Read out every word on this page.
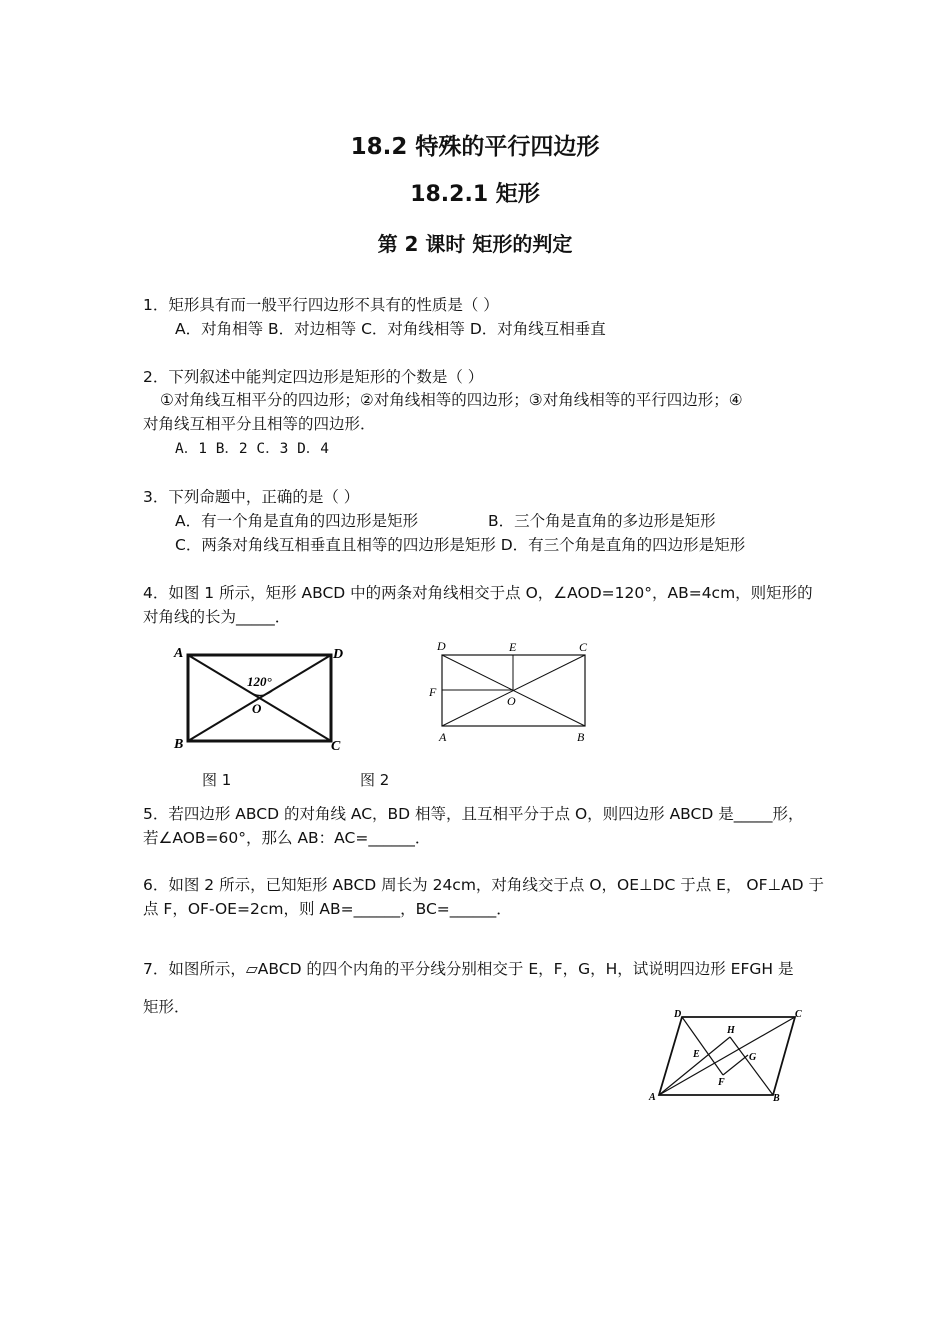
18.2 特殊的平行四边形
18.2.1 矩形
第 2 课时 矩形的判定
1．矩形具有而一般平行四边形不具有的性质是（ ）
A．对角相等 B．对边相等 C．对角线相等 D．对角线互相垂直
2．下列叙述中能判定四边形是矩形的个数是（ ）
①对角线互相平分的四边形；②对角线相等的四边形；③对角线相等的平行四边形；④
对角线互相平分且相等的四边形．
A．1 B．2 C．3 D．4
3．下列命题中，正确的是（ ）
A．有一个角是直角的四边形是矩形	B．三个角是直角的多边形是矩形
C．两条对角线互相垂直且相等的四边形是矩形 D．有三个角是直角的四边形是矩形
4．如图 1 所示，矩形 ABCD 中的两条对角线相交于点 O，∠AOD=120°，AB=4cm，则矩形的
对角线的长为_____．
A
B	C
D
O
120°
D	E	C
F
O
A	B
图 1	图 2
5．若四边形 ABCD 的对角线 AC，BD 相等，且互相平分于点 O，则四边形 ABCD 是_____形，
若∠AOB=60°，那么 AB：AC=______．
6．如图 2 所示，已知矩形 ABCD 周长为 24cm，对角线交于点 O，OE⊥DC 于点 E， OF⊥AD 于
点 F，OF-OE=2cm，则 AB=______，BC=______．
7．如图所示，▱ABCD 的四个内角的平分线分别相交于 E，F，G，H，试说明四边形 EFGH 是
矩形．	D	C
A	B
H
E	G
F
